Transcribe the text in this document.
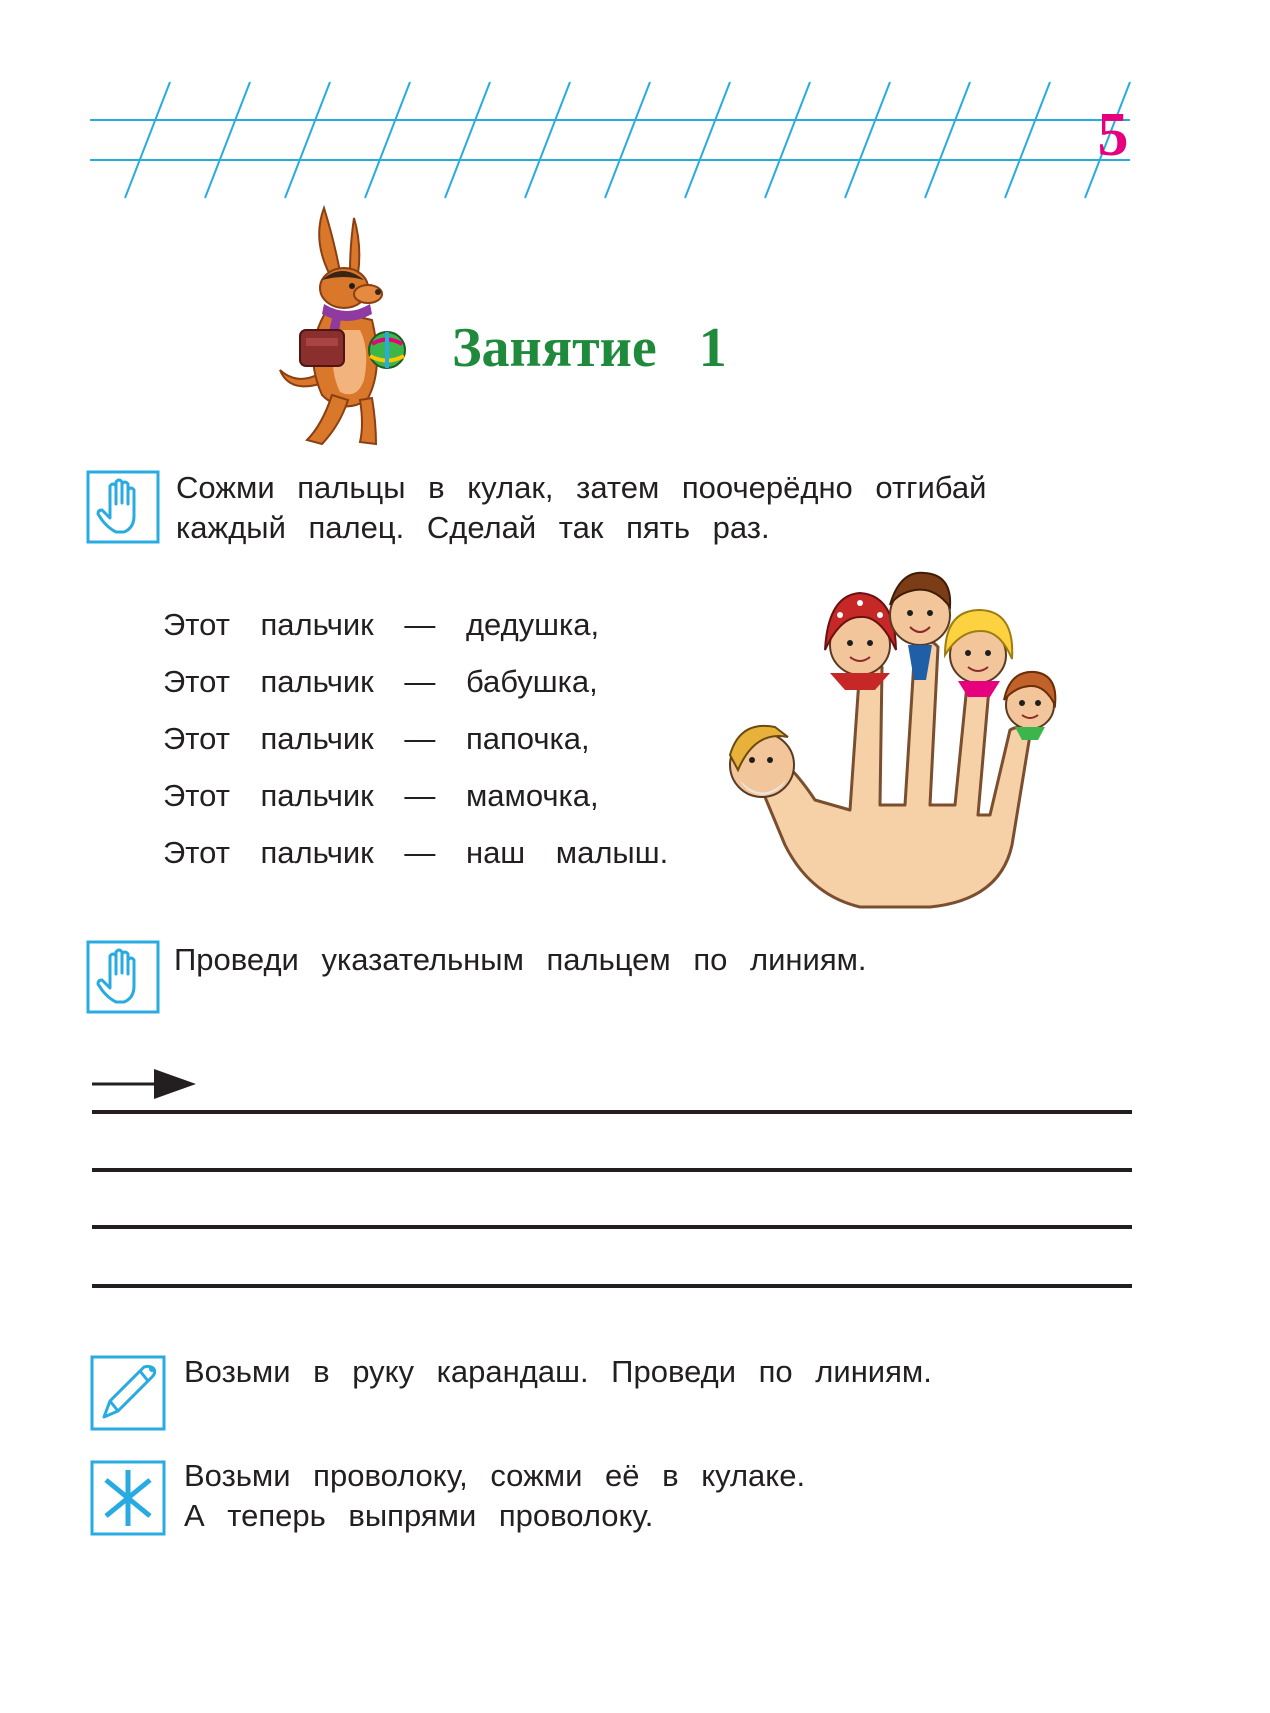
5
Занятие 1
Сожми пальцы в кулак, затем поочерёдно отгибай
каждый палец. Сделай так пять раз.
Этот пальчик — дедушка,
Этот пальчик — бабушка,
Этот пальчик — папочка,
Этот пальчик — мамочка,
Этот пальчик — наш малыш.
Проведи указательным пальцем по линиям.
Возьми в руку карандаш. Проведи по линиям.
Возьми проволоку, сожми её в кулаке.
А теперь выпрями проволоку.
